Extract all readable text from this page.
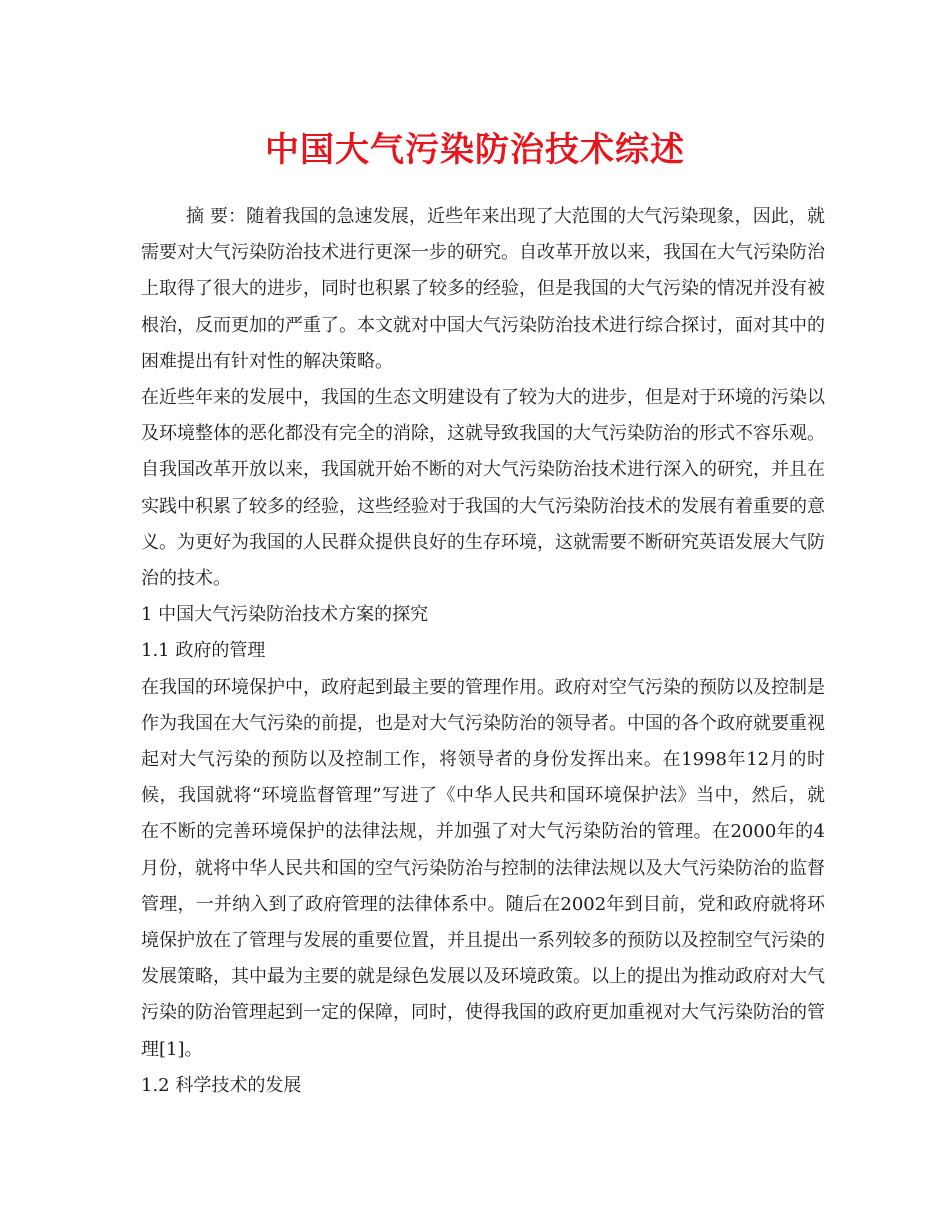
中国大气污染防治技术综述

摘 要：随着我国的急速发展，近些年来出现了大范围的大气污染现象，因此，就需要对大气污染防治技术进行更深一步的研究。自改革开放以来，我国在大气污染防治上取得了很大的进步，同时也积累了较多的经验，但是我国的大气污染的情况并没有被根治，反而更加的严重了。本文就对中国大气污染防治技术进行综合探讨，面对其中的困难提出有针对性的解决策略。

在近些年来的发展中，我国的生态文明建设有了较为大的进步，但是对于环境的污染以及环境整体的恶化都没有完全的消除，这就导致我国的大气污染防治的形式不容乐观。自我国改革开放以来，我国就开始不断的对大气污染防治技术进行深入的研究，并且在实践中积累了较多的经验，这些经验对于我国的大气污染防治技术的发展有着重要的意义。为更好为我国的人民群众提供良好的生存环境，这就需要不断研究英语发展大气防治的技术。

1 中国大气污染防治技术方案的探究

1.1 政府的管理

在我国的环境保护中，政府起到最主要的管理作用。政府对空气污染的预防以及控制是作为我国在大气污染的前提，也是对大气污染防治的领导者。中国的各个政府就要重视起对大气污染的预防以及控制工作，将领导者的身份发挥出来。在1998年12月的时候，我国就将“环境监督管理”写进了《中华人民共和国环境保护法》当中，然后，就在不断的完善环境保护的法律法规，并加强了对大气污染防治的管理。在2000年的4月份，就将中华人民共和国的空气污染防治与控制的法律法规以及大气污染防治的监督管理，一并纳入到了政府管理的法律体系中。随后在2002年到目前，党和政府就将环境保护放在了管理与发展的重要位置，并且提出一系列较多的预防以及控制空气污染的发展策略，其中最为主要的就是绿色发展以及环境政策。以上的提出为推动政府对大气污染的防治管理起到一定的保障，同时，使得我国的政府更加重视对大气污染防治的管理[1]。

1.2 科学技术的发展
